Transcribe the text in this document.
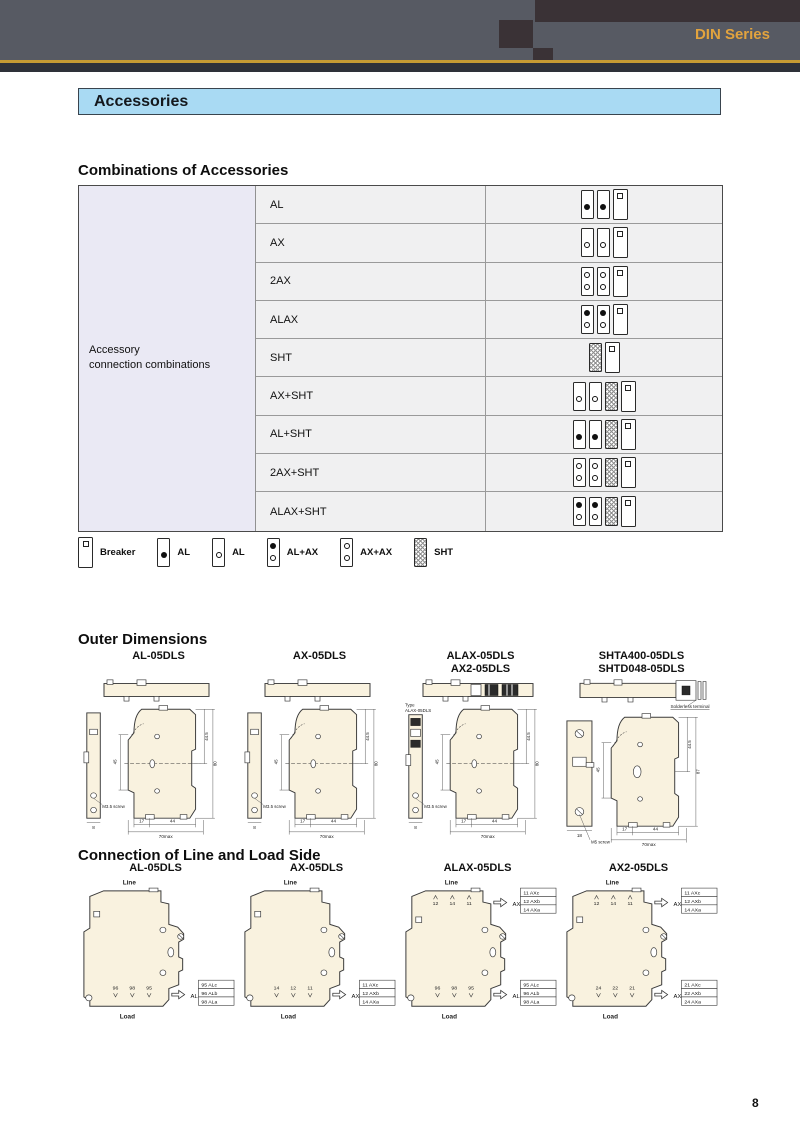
DIN Series
Accessories
Combinations of Accessories
Accessory
connection combinations
AL
AX
2AX
ALAX
SHT
AX+SHT
AL+SHT
2AX+SHT
ALAX+SHT
Breaker	AL	AL	AL+AX	AX+AX	SHT
Outer Dimensions
AL-05DLS
M3.5 screw
8
45
44.5
80
17	44
70max
AX-05DLS
M3.5 screw
8
45
44.5
80
17	44
70max
ALAX-05DLS
AX2-05DLS
Type
ALAX-05DLS
M3.5 screw
8
45
44.5
80
17	44
70max
SHTA400-05DLS
SHTD048-05DLS
Solderless terminal
M5 screw
18
45
44.5
87
17	44
70max
Connection of Line and Load Side
AL-05DLS
Line
96 98 95
AL
95 ALc
96 ALb
98 ALa
Load
AX-05DLS
Line
14 12 11
AX
11 AXc
12 AXb
14 AXa
Load
ALAX-05DLS
Line
12 14 11	AX
11 AXc
12 AXb
14 AXa
96 98 95
AL
95 ALc
96 ALb
98 ALa
Load
AX2-05DLS
Line
12 14 11	AX
11 AXc
12 AXb
14 AXa
24 22 21
AX
21 AXc
22 AXb
24 AXa
Load
8
